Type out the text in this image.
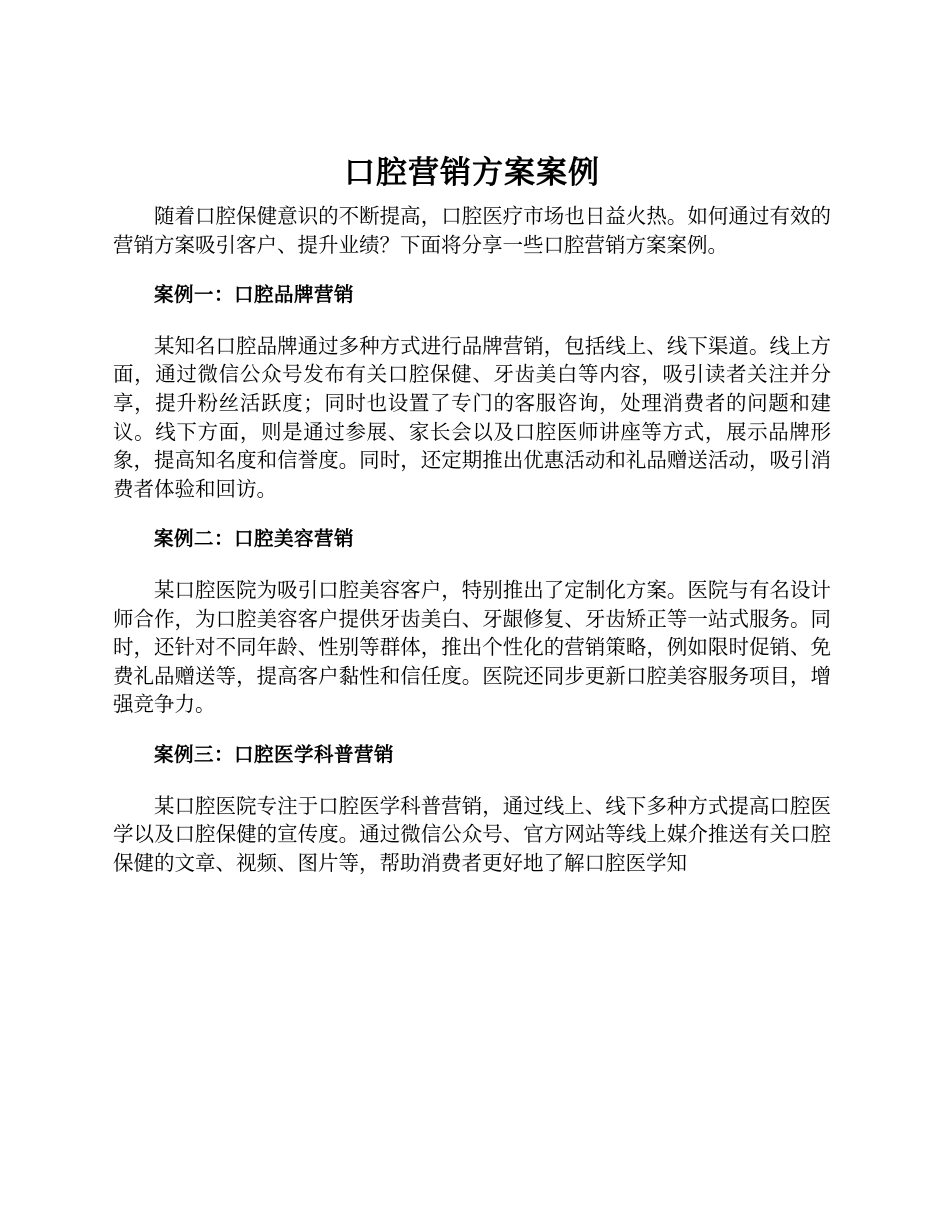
口腔营销方案案例

随着口腔保健意识的不断提高，口腔医疗市场也日益火热。如何通过有效的营销方案吸引客户、提升业绩？下面将分享一些口腔营销方案案例。

案例一：口腔品牌营销

某知名口腔品牌通过多种方式进行品牌营销，包括线上、线下渠道。线上方面，通过微信公众号发布有关口腔保健、牙齿美白等内容，吸引读者关注并分享，提升粉丝活跃度；同时也设置了专门的客服咨询，处理消费者的问题和建议。线下方面，则是通过参展、家长会以及口腔医师讲座等方式，展示品牌形象，提高知名度和信誉度。同时，还定期推出优惠活动和礼品赠送活动，吸引消费者体验和回访。

案例二：口腔美容营销

某口腔医院为吸引口腔美容客户，特别推出了定制化方案。医院与有名设计师合作，为口腔美容客户提供牙齿美白、牙龈修复、牙齿矫正等一站式服务。同时，还针对不同年龄、性别等群体，推出个性化的营销策略，例如限时促销、免费礼品赠送等，提高客户黏性和信任度。医院还同步更新口腔美容服务项目，增强竞争力。

案例三：口腔医学科普营销

某口腔医院专注于口腔医学科普营销，通过线上、线下多种方式提高口腔医学以及口腔保健的宣传度。通过微信公众号、官方网站等线上媒介推送有关口腔保健的文章、视频、图片等，帮助消费者更好地了解口腔医学知
